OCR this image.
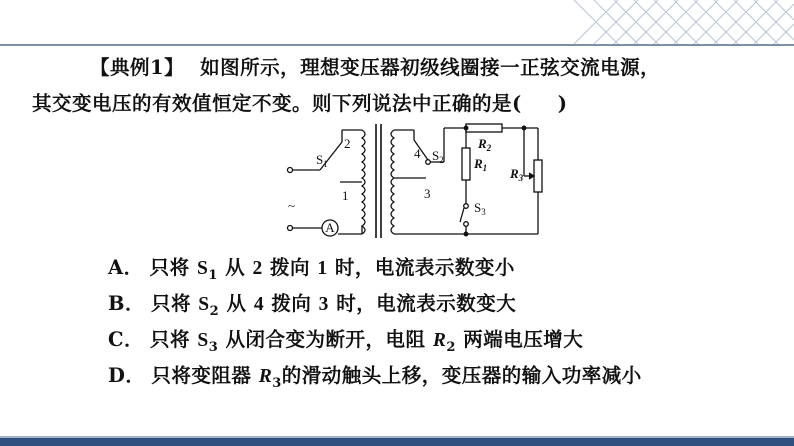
【典例1】 如图所示，理想变压器初级线圈接一正弦交流电源，
其交变电压的有效值恒定不变。则下列说法中正确的是( )
A
~
$S_1$
2
1
4
3
$S_2$
$R_2$
$R_1$ $R_3$
$S_3$
A． 只将 $S_1$ 从 2 拨向 1 时，电流表示数变小
B． 只将 $S_2$ 从 4 拨向 3 时，电流表示数变大
C． 只将 $S_3$ 从闭合变为断开，电阻 $R_2$ 两端电压增大
D． 只将变阻器 $R_3$的滑动触头上移，变压器的输入功率减小
